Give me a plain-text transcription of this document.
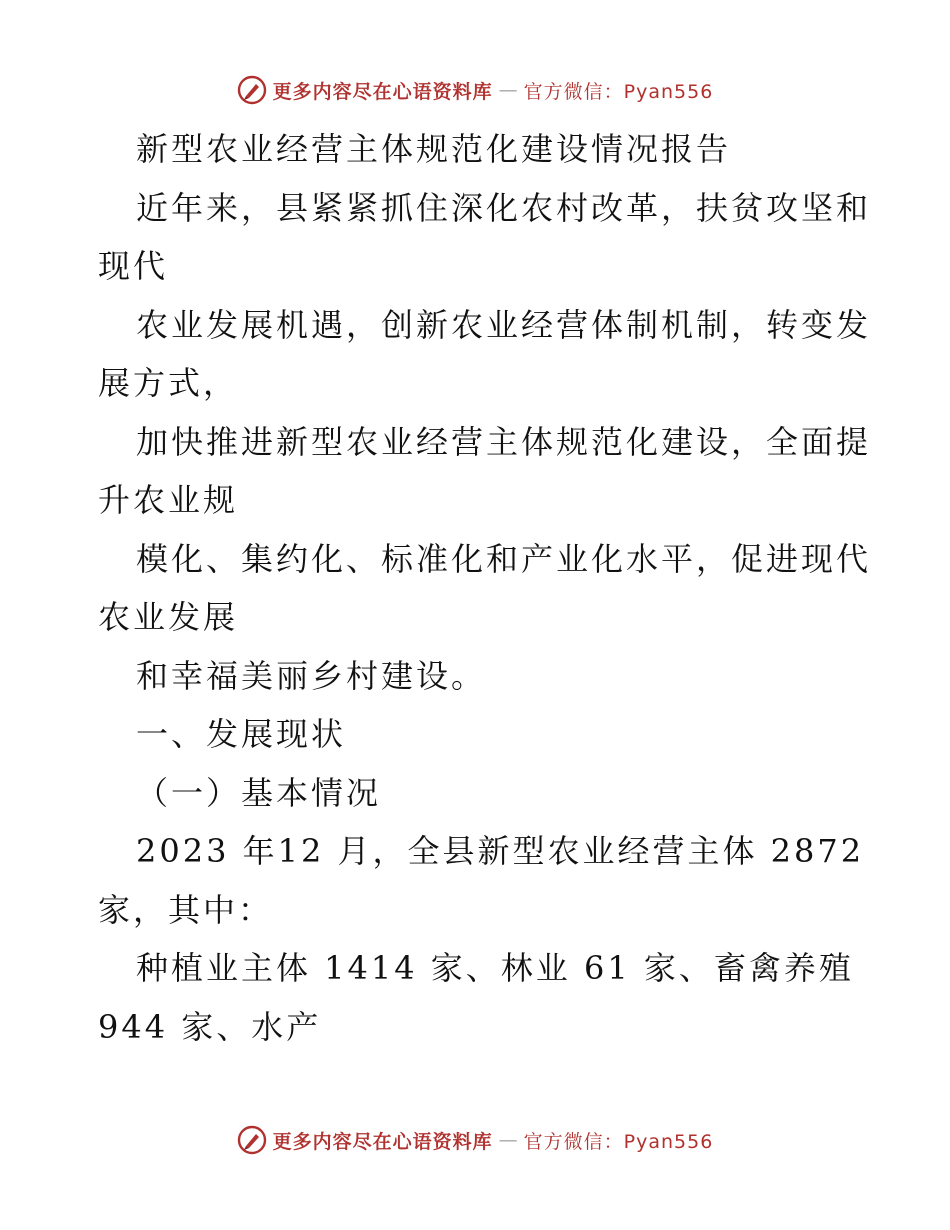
更多内容尽在心语资料库 — 官方微信：Pyan556
新型农业经营主体规范化建设情况报告
近年来，县紧紧抓住深化农村改革，扶贫攻坚和
现代
农业发展机遇，创新农业经营体制机制，转变发
展方式，
加快推进新型农业经营主体规范化建设，全面提
升农业规
模化、集约化、标准化和产业化水平，促进现代
农业发展
和幸福美丽乡村建设。
一、发展现状
（一）基本情况
2023 年12 月，全县新型农业经营主体 2872
家，其中：
种植业主体 1414 家、林业 61 家、畜禽养殖
944 家、水产
更多内容尽在心语资料库 — 官方微信：Pyan556
